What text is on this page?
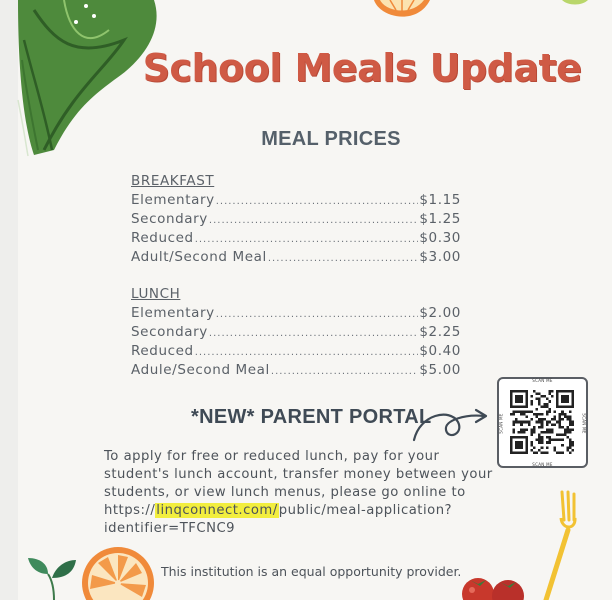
School Meals Update
MEAL PRICES
BREAKFAST
Elementary .....	$1.15
Secondary .....	$1.25
Reduced .....	$0.30
Adult/Second Meal .....	$3.00
LUNCH
Elementary .....	$2.00
Secondary .....	$2.25
Reduced .....	$0.40
Adule/Second Meal .....	$5.00
*NEW* PARENT PORTAL
SCAN ME
SCAN ME
SCAN ME	SCAN ME
To apply for free or reduced lunch, pay for your
student's lunch account, transfer money between your
students, or view lunch menus, please go online to
https://linqconnect.com/public/meal-application?
identifier=TFCNC9
This institution is an equal opportunity provider.
